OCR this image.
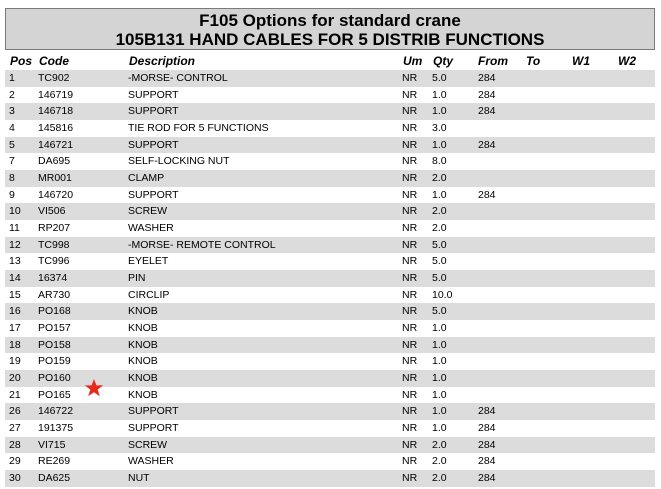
F105 Options for standard crane
105B131 HAND CABLES FOR 5 DISTRIB FUNCTIONS
Pos Code	Description	Um Qty From To	W1 W2
1 TC902	-MORSE- CONTROL	NR 5.0	284
2 146719	SUPPORT	NR 1.0	284
3 146718	SUPPORT	NR 1.0	284
4 145816	TIE ROD FOR 5 FUNCTIONS	NR 3.0
5 146721	SUPPORT	NR 1.0	284
7 DA695	SELF-LOCKING NUT	NR 8.0
8 MR001	CLAMP	NR 2.0
9 146720	SUPPORT	NR 1.0	284
10 VI506	SCREW	NR 2.0
11 RP207	WASHER	NR 2.0
12 TC998	-MORSE- REMOTE CONTROL	NR 5.0
13 TC996	EYELET	NR 5.0
14 16374	PIN	NR 5.0
15 AR730	CIRCLIP	NR 10.0
16 PO168	KNOB	NR 5.0
17 PO157	KNOB	NR 1.0
18 PO158	KNOB	NR 1.0
19 PO159	KNOB	NR 1.0
20 PO160	KNOB	NR 1.0
21 PO165	KNOB	NR 1.0
26 146722	SUPPORT	NR 1.0	284
27 191375	SUPPORT	NR 1.0	284
28 VI715	SCREW	NR 2.0	284
29 RE269	WASHER	NR 2.0	284
30 DA625	NUT	NR 2.0	284
